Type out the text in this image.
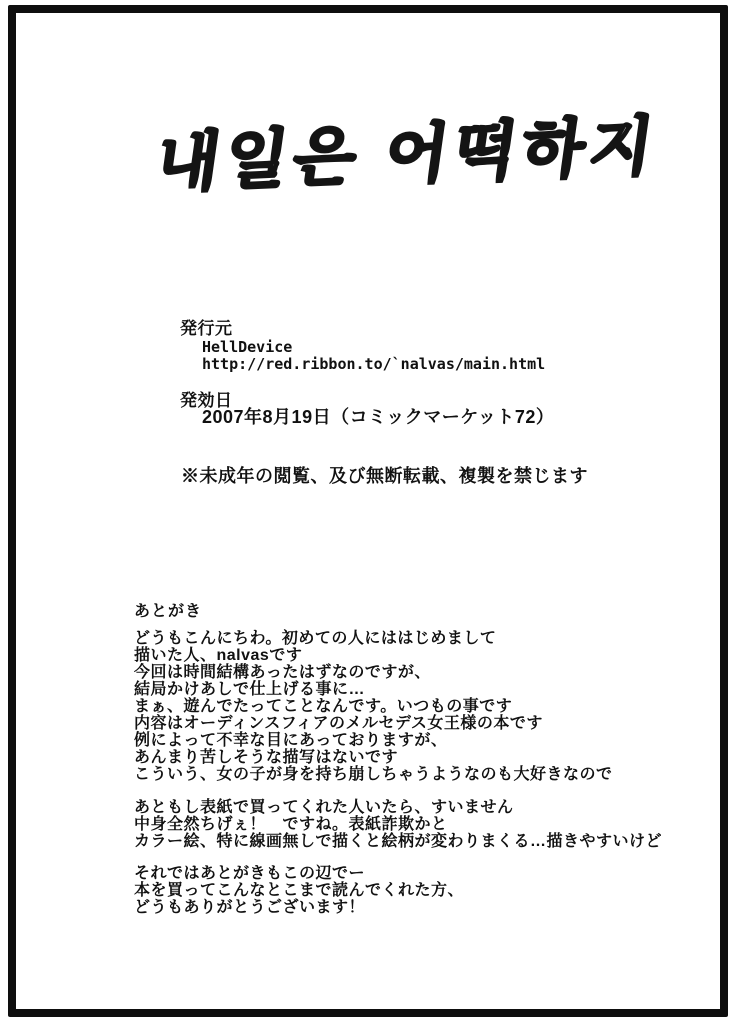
내일은 어떡하지
発行元
HellDevice
http://red.ribbon.to/`nalvas/main.html
発効日
2007年8月19日（コミックマーケット72）
※未成年の閲覧、及び無断転載、複製を禁じます
あとがき
どうもこんにちわ。初めての人にははじめまして
描いた人、nalvasです
今回は時間結構あったはずなのですが、
結局かけあしで仕上げる事に…
まぁ、遊んでたってことなんです。いつもの事です
内容はオーディンスフィアのメルセデス女王様の本です
例によって不幸な目にあっておりますが、
あんまり苦しそうな描写はないです
こういう、女の子が身を持ち崩しちゃうようなのも大好きなので
あともし表紙で買ってくれた人いたら、すいません
中身全然ちげぇ！　ですね。表紙詐欺かと
カラー絵、特に線画無しで描くと絵柄が変わりまくる…描きやすいけど
それではあとがきもこの辺でー
本を買ってこんなとこまで読んでくれた方、
どうもありがとうございます！
